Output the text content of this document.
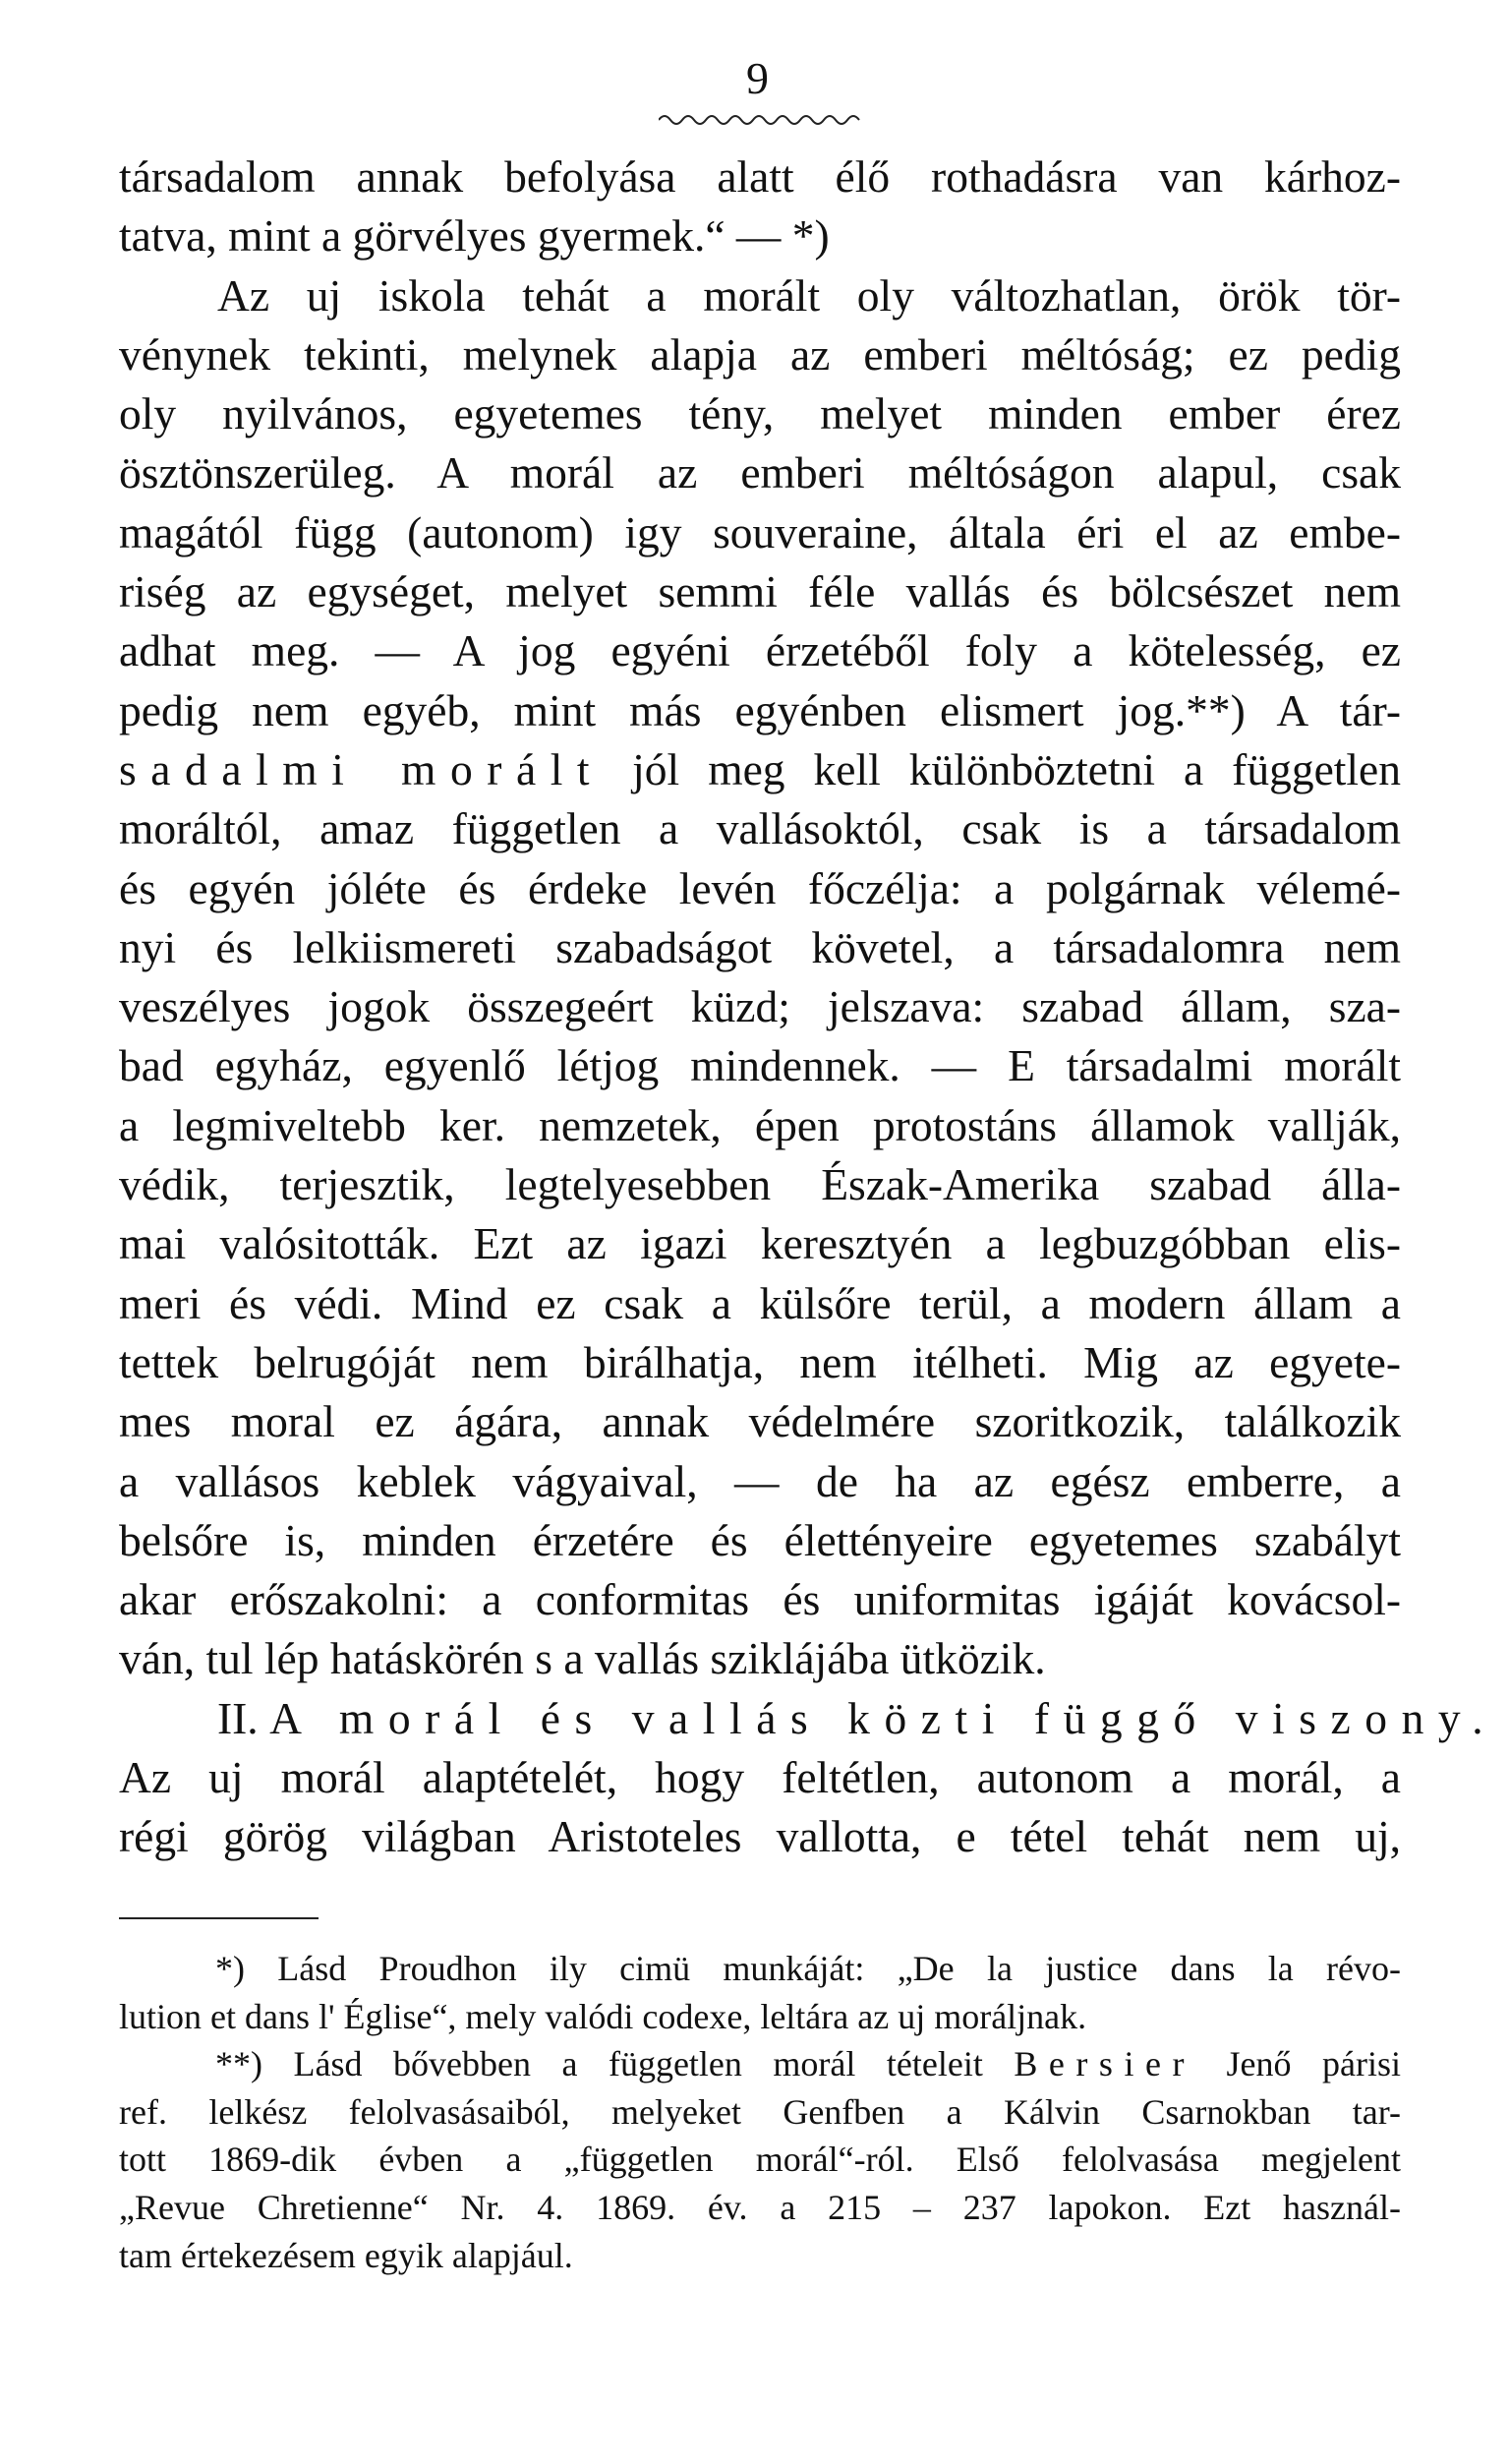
9
társadalom annak befolyása alatt élő rothadásra van kárhoz-
tatva, mint a görvélyes gyermek.“ — *)
Az uj iskola tehát a morált oly változhatlan, örök tör-
vénynek tekinti, melynek alapja az emberi méltóság; ez pedig
oly nyilvános, egyetemes tény, melyet minden ember érez
ösztönszerüleg. A morál az emberi méltóságon alapul, csak
magától függ (autonom) igy souveraine, általa éri el az embe-
riség az egységet, melyet semmi féle vallás és bölcsészet nem
adhat meg. — A jog egyéni érzetéből foly a kötelesség, ez
pedig nem egyéb, mint más egyénben elismert jog.**) A tár-
sadalmi morált jól meg kell különböztetni a független
moráltól, amaz független a vallásoktól, csak is a társadalom
és egyén jóléte és érdeke levén főczélja: a polgárnak vélemé-
nyi és lelkiismereti szabadságot követel, a társadalomra nem
veszélyes jogok összegeért küzd; jelszava: szabad állam, sza-
bad egyház, egyenlő létjog mindennek. — E társadalmi morált
a legmiveltebb ker. nemzetek, épen protostáns államok vallják,
védik, terjesztik, legtelyesebben Észak-Amerika szabad álla-
mai valósitották. Ezt az igazi keresztyén a legbuzgóbban elis-
meri és védi. Mind ez csak a külsőre terül, a modern állam a
tettek belrugóját nem birálhatja, nem itélheti. Mig az egyete-
mes moral ez ágára, annak védelmére szoritkozik, találkozik
a vallásos keblek vágyaival, — de ha az egész emberre, a
belsőre is, minden érzetére és élettényeire egyetemes szabályt
akar erőszakolni: a conformitas és uniformitas igáját kovácsol-
ván, tul lép hatáskörén s a vallás sziklájába ütközik.
II. A morál és vallás közti függő viszony.
Az uj morál alaptételét, hogy feltétlen, autonom a morál, a
régi görög világban Aristoteles vallotta, e tétel tehát nem uj,
*) Lásd Proudhon ily cimü munkáját: „De la justice dans la révo-
lution et dans l' Église“, mely valódi codexe, leltára az uj moráljnak.
**) Lásd bővebben a független morál tételeit Bersier Jenő párisi
ref. lelkész felolvasásaiból, melyeket Genfben a Kálvin Csarnokban tar-
tott 1869-dik évben a „független morál“-ról. Első felolvasása megjelent
„Revue Chretienne“ Nr. 4. 1869. év. a 215 – 237 lapokon. Ezt használ-
tam értekezésem egyik alapjául.
